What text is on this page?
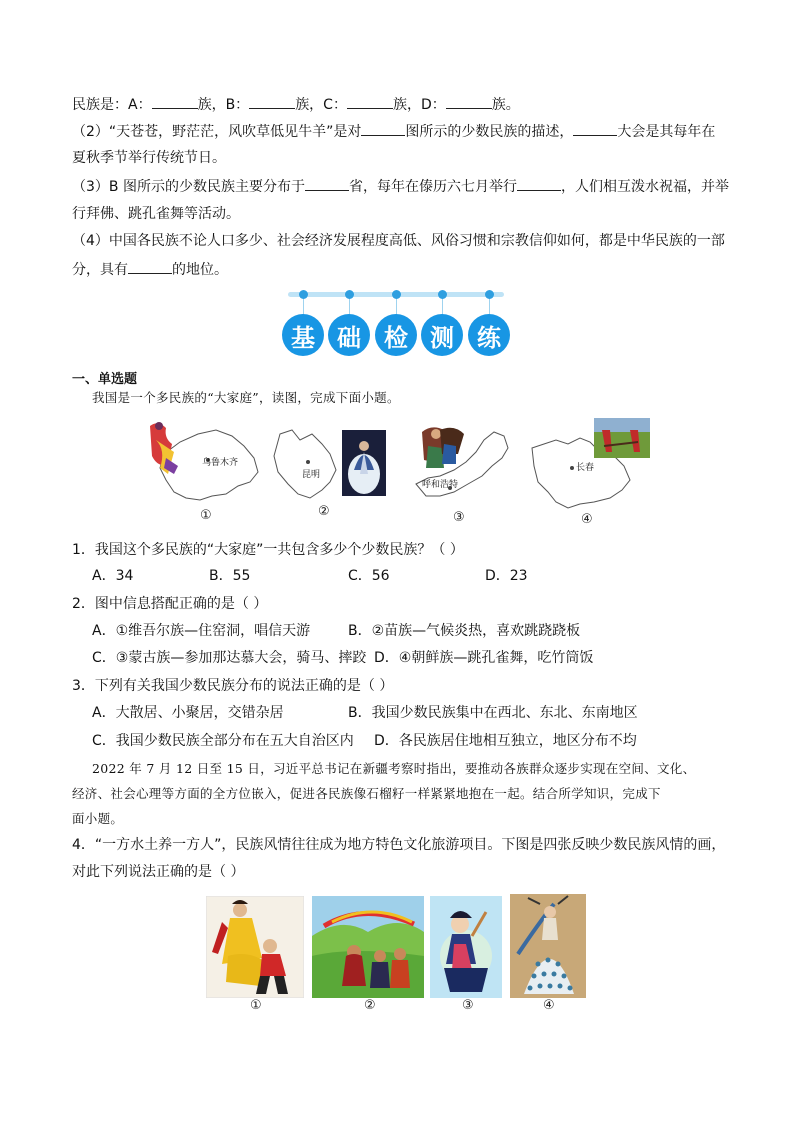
民族是：A：	族，B：	族，C：	族，D：	族。
（2）“天苍苍，野茫茫，风吹草低见牛羊”是对	图所示的少数民族的描述，	大会是其每年在
夏秋季节举行传统节日。
（3）B 图所示的少数民族主要分布于	省，每年在傣历六七月举行	，人们相互泼水祝福，并举
行拜佛、跳孔雀舞等活动。
（4）中国各民族不论人口多少、社会经济发展程度高低、风俗习惯和宗教信仰如何，都是中华民族的一部
分，具有	的地位。
基 础 检 测 练
一、单选题
我国是一个多民族的“大家庭”，读图，完成下面小题。
乌鲁木齐
①
昆明
②
呼和浩特
③
长春
④
1．我国这个多民族的“大家庭”一共包含多少个少数民族？（ ）
A．34	B．55	C．56	D．23
2．图中信息搭配正确的是（ ）
A．①维吾尔族—住窑洞，唱信天游	B．②苗族—气候炎热，喜欢跳跷跷板
C．③蒙古族—参加那达慕大会，骑马、摔跤 D．④朝鲜族—跳孔雀舞，吃竹筒饭
3．下列有关我国少数民族分布的说法正确的是（ ）
A．大散居、小聚居，交错杂居	B．我国少数民族集中在西北、东北、东南地区
C．我国少数民族全部分布在五大自治区内 D．各民族居住地相互独立，地区分布不均
2022 年 7 月 12 日至 15 日，习近平总书记在新疆考察时指出，要推动各族群众逐步实现在空间、文化、
经济、社会心理等方面的全方位嵌入，促进各民族像石榴籽一样紧紧地抱在一起。结合所学知识，完成下
面小题。
4．“一方水土养一方人”，民族风情往往成为地方特色文化旅游项目。下图是四张反映少数民族风情的画，
对此下列说法正确的是（ ）
①	②	③	④
